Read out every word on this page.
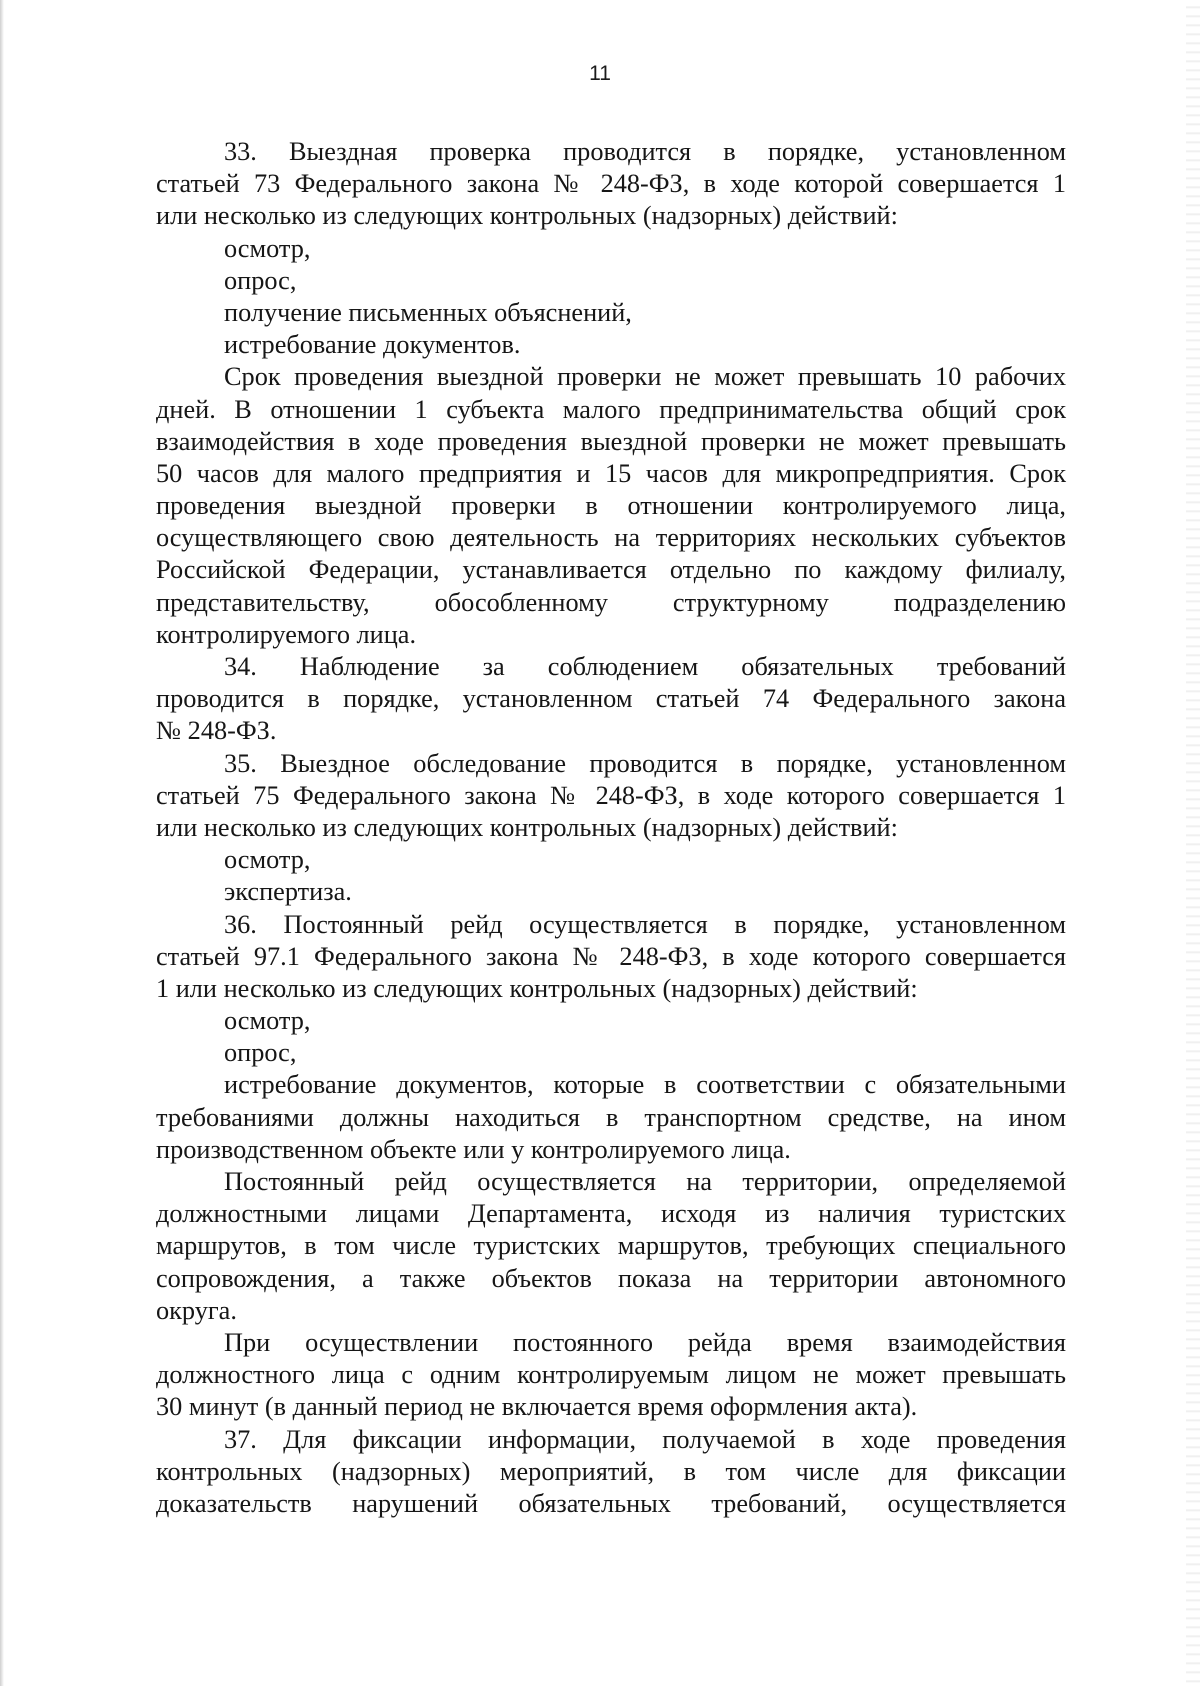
11
33. Выездная проверка проводится в порядке, установленном
статьей 73 Федерального закона № 248-ФЗ, в ходе которой совершается 1
или несколько из следующих контрольных (надзорных) действий:
осмотр,
опрос,
получение письменных объяснений,
истребование документов.
Срок проведения выездной проверки не может превышать 10 рабочих
дней. В отношении 1 субъекта малого предпринимательства общий срок
взаимодействия в ходе проведения выездной проверки не может превышать
50 часов для малого предприятия и 15 часов для микропредприятия. Срок
проведения выездной проверки в отношении контролируемого лица,
осуществляющего свою деятельность на территориях нескольких субъектов
Российской Федерации, устанавливается отдельно по каждому филиалу,
представительству, обособленному структурному подразделению
контролируемого лица.
34. Наблюдение за соблюдением обязательных требований
проводится в порядке, установленном статьей 74 Федерального закона
№ 248-ФЗ.
35. Выездное обследование проводится в порядке, установленном
статьей 75 Федерального закона № 248-ФЗ, в ходе которого совершается 1
или несколько из следующих контрольных (надзорных) действий:
осмотр,
экспертиза.
36. Постоянный рейд осуществляется в порядке, установленном
статьей 97.1 Федерального закона № 248-ФЗ, в ходе которого совершается
1 или несколько из следующих контрольных (надзорных) действий:
осмотр,
опрос,
истребование документов, которые в соответствии с обязательными
требованиями должны находиться в транспортном средстве, на ином
производственном объекте или у контролируемого лица.
Постоянный рейд осуществляется на территории, определяемой
должностными лицами Департамента, исходя из наличия туристских
маршрутов, в том числе туристских маршрутов, требующих специального
сопровождения, а также объектов показа на территории автономного
округа.
При осуществлении постоянного рейда время взаимодействия
должностного лица с одним контролируемым лицом не может превышать
30 минут (в данный период не включается время оформления акта).
37. Для фиксации информации, получаемой в ходе проведения
контрольных (надзорных) мероприятий, в том числе для фиксации
доказательств нарушений обязательных требований, осуществляется
